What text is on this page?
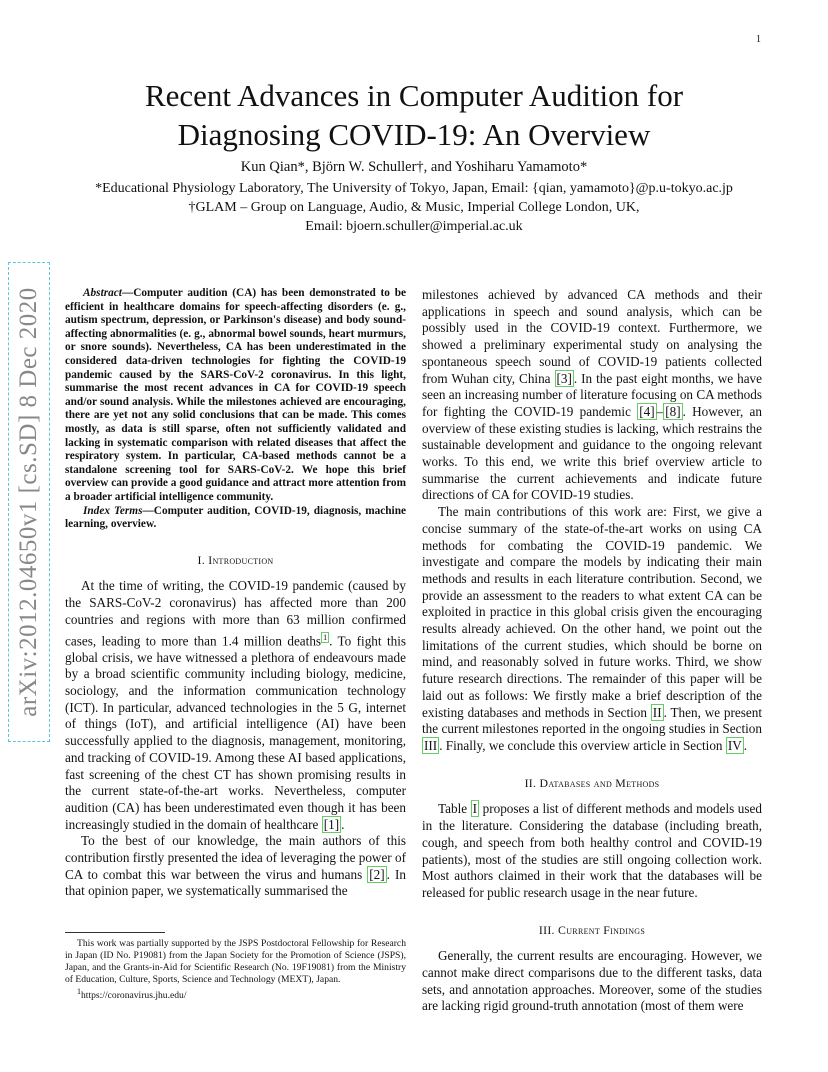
1
Recent Advances in Computer Audition for
Diagnosing COVID-19: An Overview
Kun Qian*, Björn W. Schuller†, and Yoshiharu Yamamoto*
*Educational Physiology Laboratory, The University of Tokyo, Japan, Email: {qian, yamamoto}@p.u-tokyo.ac.jp
†GLAM – Group on Language, Audio, & Music, Imperial College London, UK,
Email: bjoern.schuller@imperial.ac.uk
arXiv:2012.04650v1 [cs.SD] 8 Dec 2020	Abstract—Computer audition (CA) has been demonstrated to be efficient in healthcare domains for speech-affecting disorders (e. g., autism spectrum, depression, or Parkinson's disease) and body sound-affecting abnormalities (e. g., abnormal bowel sounds, heart murmurs, or snore sounds). Nevertheless, CA has been underestimated in the considered data-driven technologies for fighting the COVID-19 pandemic caused by the SARS-CoV-2 coronavirus. In this light, summarise the most recent advances in CA for COVID-19 speech and/or sound analysis. While the milestones achieved are encouraging, there are yet not any solid conclusions that can be made. This comes mostly, as data is still sparse, often not sufficiently validated and lacking in systematic comparison with related diseases that affect the respiratory system. In particular, CA-based methods cannot be a standalone screening tool for SARS-CoV-2. We hope this brief overview can provide a good guidance and attract more attention from a broader artificial intelligence community.

Index Terms—Computer audition, COVID-19, diagnosis, machine learning, overview.

I. Introduction

At the time of writing, the COVID-19 pandemic (caused by the SARS-CoV-2 coronavirus) has affected more than 200 countries and regions with more than 63 million confirmed cases, leading to more than 1.4 million deaths $^1$ . To fight this global crisis, we have witnessed a plethora of endeavours made by a broad scientific community including biology, medicine, sociology, and the information communication technology (ICT). In particular, advanced technologies in the 5 G, internet of things (IoT), and artificial intelligence (AI) have been successfully applied to the diagnosis, management, monitoring, and tracking of COVID-19. Among these AI based applications, fast screening of the chest CT has shown promising results in the current state-of-the-art works. Nevertheless, computer audition (CA) has been underestimated even though it has been increasingly studied in the domain of healthcare [1] .

To the best of our knowledge, the main authors of this contribution firstly presented the idea of leveraging the power of CA to combat this war between the virus and humans [2] . In that opinion paper, we systematically summarised the

This work was partially supported by the JSPS Postdoctoral Fellowship for Research in Japan (ID No. P19081) from the Japan Society for the Promotion of Science (JSPS), Japan, and the Grants-in-Aid for Scientific Research (No. 19F19081) from the Ministry of Education, Culture, Sports, Science and Technology (MEXT), Japan.

$^1$https://coronavirus.jhu.edu/

milestones achieved by advanced CA methods and their applications in speech and sound analysis, which can be possibly used in the COVID-19 context. Furthermore, we showed a preliminary experimental study on analysing the spontaneous speech sound of COVID-19 patients collected from Wuhan city, China [3] . In the past eight months, we have seen an increasing number of literature focusing on CA methods for fighting the COVID-19 pandemic [4] – [8] . However, an overview of these existing studies is lacking, which restrains the sustainable development and guidance to the ongoing relevant works. To this end, we write this brief overview article to summarise the current achievements and indicate future directions of CA for COVID-19 studies.

The main contributions of this work are: First, we give a concise summary of the state-of-the-art works on using CA methods for combating the COVID-19 pandemic. We investigate and compare the models by indicating their main methods and results in each literature contribution. Second, we provide an assessment to the readers to what extent CA can be exploited in practice in this global crisis given the encouraging results already achieved. On the other hand, we point out the limitations of the current studies, which should be borne on mind, and reasonably solved in future works. Third, we show future research directions. The remainder of this paper will be laid out as follows: We firstly make a brief description of the existing databases and methods in Section II . Then, we present the current milestones reported in the ongoing studies in Section III . Finally, we conclude this overview article in Section IV .

II. Databases and Methods

Table I proposes a list of different methods and models used in the literature. Considering the database (including breath, cough, and speech from both healthy control and COVID-19 patients), most of the studies are still ongoing collection work. Most authors claimed in their work that the databases will be released for public research usage in the near future.

III. Current Findings

Generally, the current results are encouraging. However, we cannot make direct comparisons due to the different tasks, data sets, and annotation approaches. Moreover, some of the studies are lacking rigid ground-truth annotation (most of them were
